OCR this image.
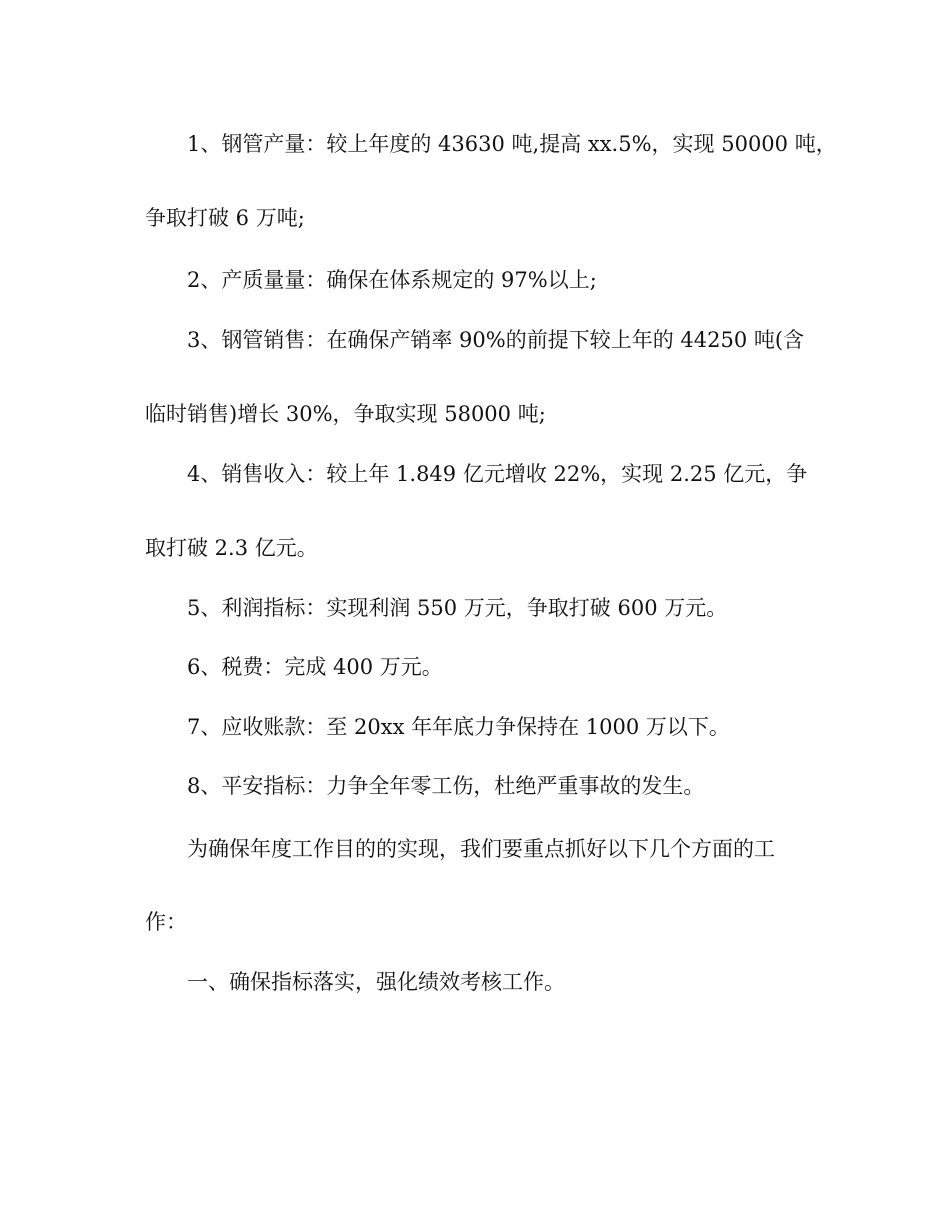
1、钢管产量：较上年度的 43630 吨,提高 xx.5%，实现 50000 吨，

争取打破 6 万吨;

2、产质量量：确保在体系规定的 97%以上;

3、钢管销售：在确保产销率 90%的前提下较上年的 44250 吨(含

临时销售)增长 30%，争取实现 58000 吨;

4、销售收入：较上年 1.849 亿元增收 22%，实现 2.25 亿元，争

取打破 2.3 亿元。

5、利润指标：实现利润 550 万元，争取打破 600 万元。

6、税费：完成 400 万元。

7、应收账款：至 20xx 年年底力争保持在 1000 万以下。

8、平安指标：力争全年零工伤，杜绝严重事故的发生。

为确保年度工作目的的实现，我们要重点抓好以下几个方面的工

作：

一、确保指标落实，强化绩效考核工作。
